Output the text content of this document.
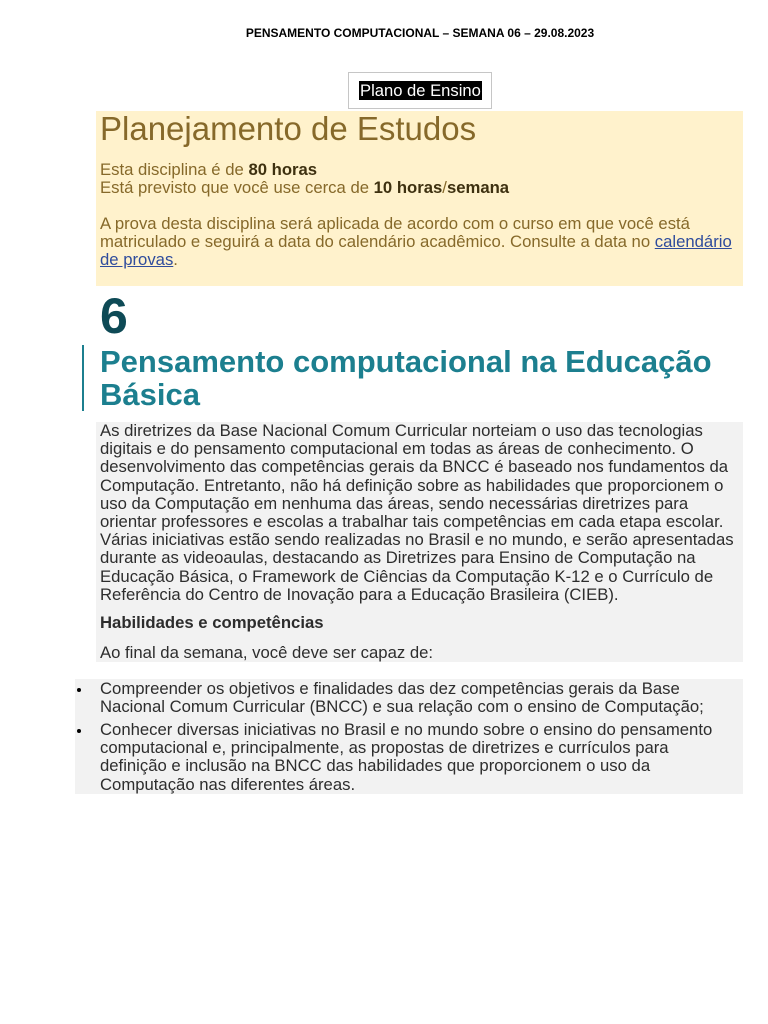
PENSAMENTO COMPUTACIONAL – SEMANA 06 – 29.08.2023
Plano de Ensino
Planejamento de Estudos
Esta disciplina é de 80 horas
Está previsto que você use cerca de 10 horas/semana
A prova desta disciplina será aplicada de acordo com o curso em que você está
matriculado e seguirá a data do calendário acadêmico. Consulte a data no calendário
de provas.
6
Pensamento computacional na Educação Básica
As diretrizes da Base Nacional Comum Curricular norteiam o uso das tecnologias
digitais e do pensamento computacional em todas as áreas de conhecimento. O
desenvolvimento das competências gerais da BNCC é baseado nos fundamentos da
Computação. Entretanto, não há definição sobre as habilidades que proporcionem o
uso da Computação em nenhuma das áreas, sendo necessárias diretrizes para
orientar professores e escolas a trabalhar tais competências em cada etapa escolar.
Várias iniciativas estão sendo realizadas no Brasil e no mundo, e serão apresentadas
durante as videoaulas, destacando as Diretrizes para Ensino de Computação na
Educação Básica, o Framework de Ciências da Computação K-12 e o Currículo de
Referência do Centro de Inovação para a Educação Brasileira (CIEB).
Habilidades e competências
Ao final da semana, você deve ser capaz de:
Compreender os objetivos e finalidades das dez competências gerais da Base
Nacional Comum Curricular (BNCC) e sua relação com o ensino de Computação;
Conhecer diversas iniciativas no Brasil e no mundo sobre o ensino do pensamento
computacional e, principalmente, as propostas de diretrizes e currículos para
definição e inclusão na BNCC das habilidades que proporcionem o uso da
Computação nas diferentes áreas.
